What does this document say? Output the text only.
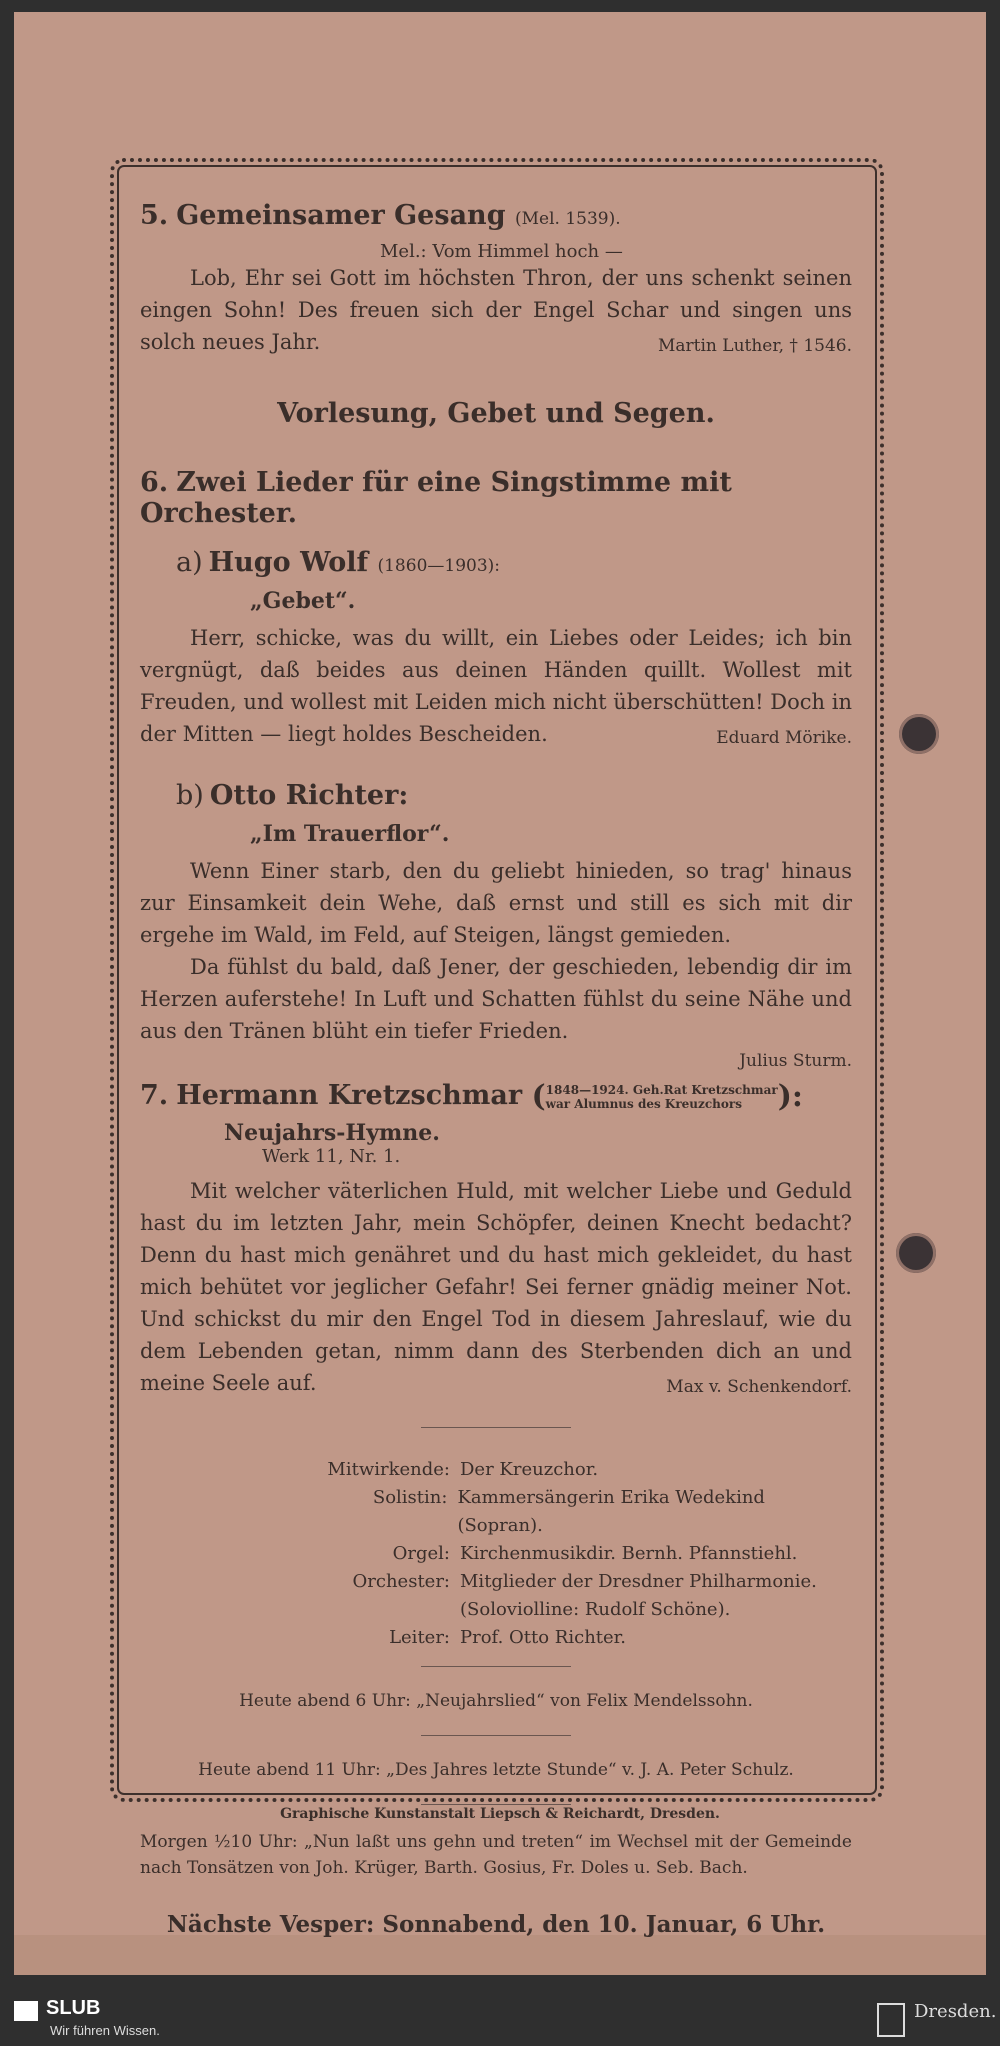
5. Gemeinsamer Gesang (Mel. 1539).
Mel.: Vom Himmel hoch —

Lob, Ehr sei Gott im höchsten Thron, der uns schenkt seinen eingen Sohn! Des freuen sich der Engel Schar und singen uns solch neues Jahr.	Martin Luther, † 1546.

Vorlesung, Gebet und Segen.
6. Zwei Lieder für eine Singstimme mit Orchester.
a) Hugo Wolf (1860—1903):
„Gebet“.

Herr, schicke, was du willt, ein Liebes oder Leides; ich bin vergnügt, daß beides aus deinen Händen quillt. Wollest mit Freuden, und wollest mit Leiden mich nicht überschütten! Doch in der Mitten — liegt holdes Bescheiden.	Eduard Mörike.

b) Otto Richter:
„Im Trauerflor“.

Wenn Einer starb, den du geliebt hinieden, so trag' hinaus zur Einsamkeit dein Wehe, daß ernst und still es sich mit dir ergehe im Wald, im Feld, auf Steigen, längst gemieden.

Da fühlst du bald, daß Jener, der geschieden, lebendig dir im Herzen auferstehe! In Luft und Schatten fühlst du seine Nähe und aus den Tränen blüht ein tiefer Frieden.

Julius Sturm.
7. Hermann Kretzschmar (1848—1924. Geh.Rat Kretzschmar
war Alumnus des Kreuzchors ):
Neujahrs-Hymne.
Werk 11, Nr. 1.

Mit welcher väterlichen Huld, mit welcher Liebe und Geduld hast du im letzten Jahr, mein Schöpfer, deinen Knecht bedacht? Denn du hast mich genähret und du hast mich gekleidet, du hast mich behütet vor jeglicher Gefahr! Sei ferner gnädig meiner Not. Und schickst du mir den Engel Tod in diesem Jahreslauf, wie du dem Lebenden getan, nimm dann des Sterbenden dich an und meine Seele auf.	Max v. Schenkendorf.

Mitwirkende: Der Kreuzchor.
Solistin: Kammersängerin Erika Wedekind (Sopran).
Orgel: Kirchenmusikdir. Bernh. Pfannstiehl.
Orchester: Mitglieder der Dresdner Philharmonie.
(Soloviolline: Rudolf Schöne).
Leiter: Prof. Otto Richter.

Heute abend 6 Uhr: „Neujahrslied“ von Felix Mendelssohn.

Heute abend 11 Uhr: „Des Jahres letzte Stunde“ v. J. A. Peter Schulz.

Morgen ½10 Uhr: „Nun laßt uns gehn und treten“ im Wechsel mit der Gemeinde nach Tonsätzen von Joh. Krüger, Barth. Gosius, Fr. Doles u. Seb. Bach.

Nächste Vesper: Sonnabend, den 10. Januar, 6 Uhr.
Graphische Kunstanstalt Liepsch & Reichardt, Dresden.
SLUB
Wir führen Wissen.
Dresden.
